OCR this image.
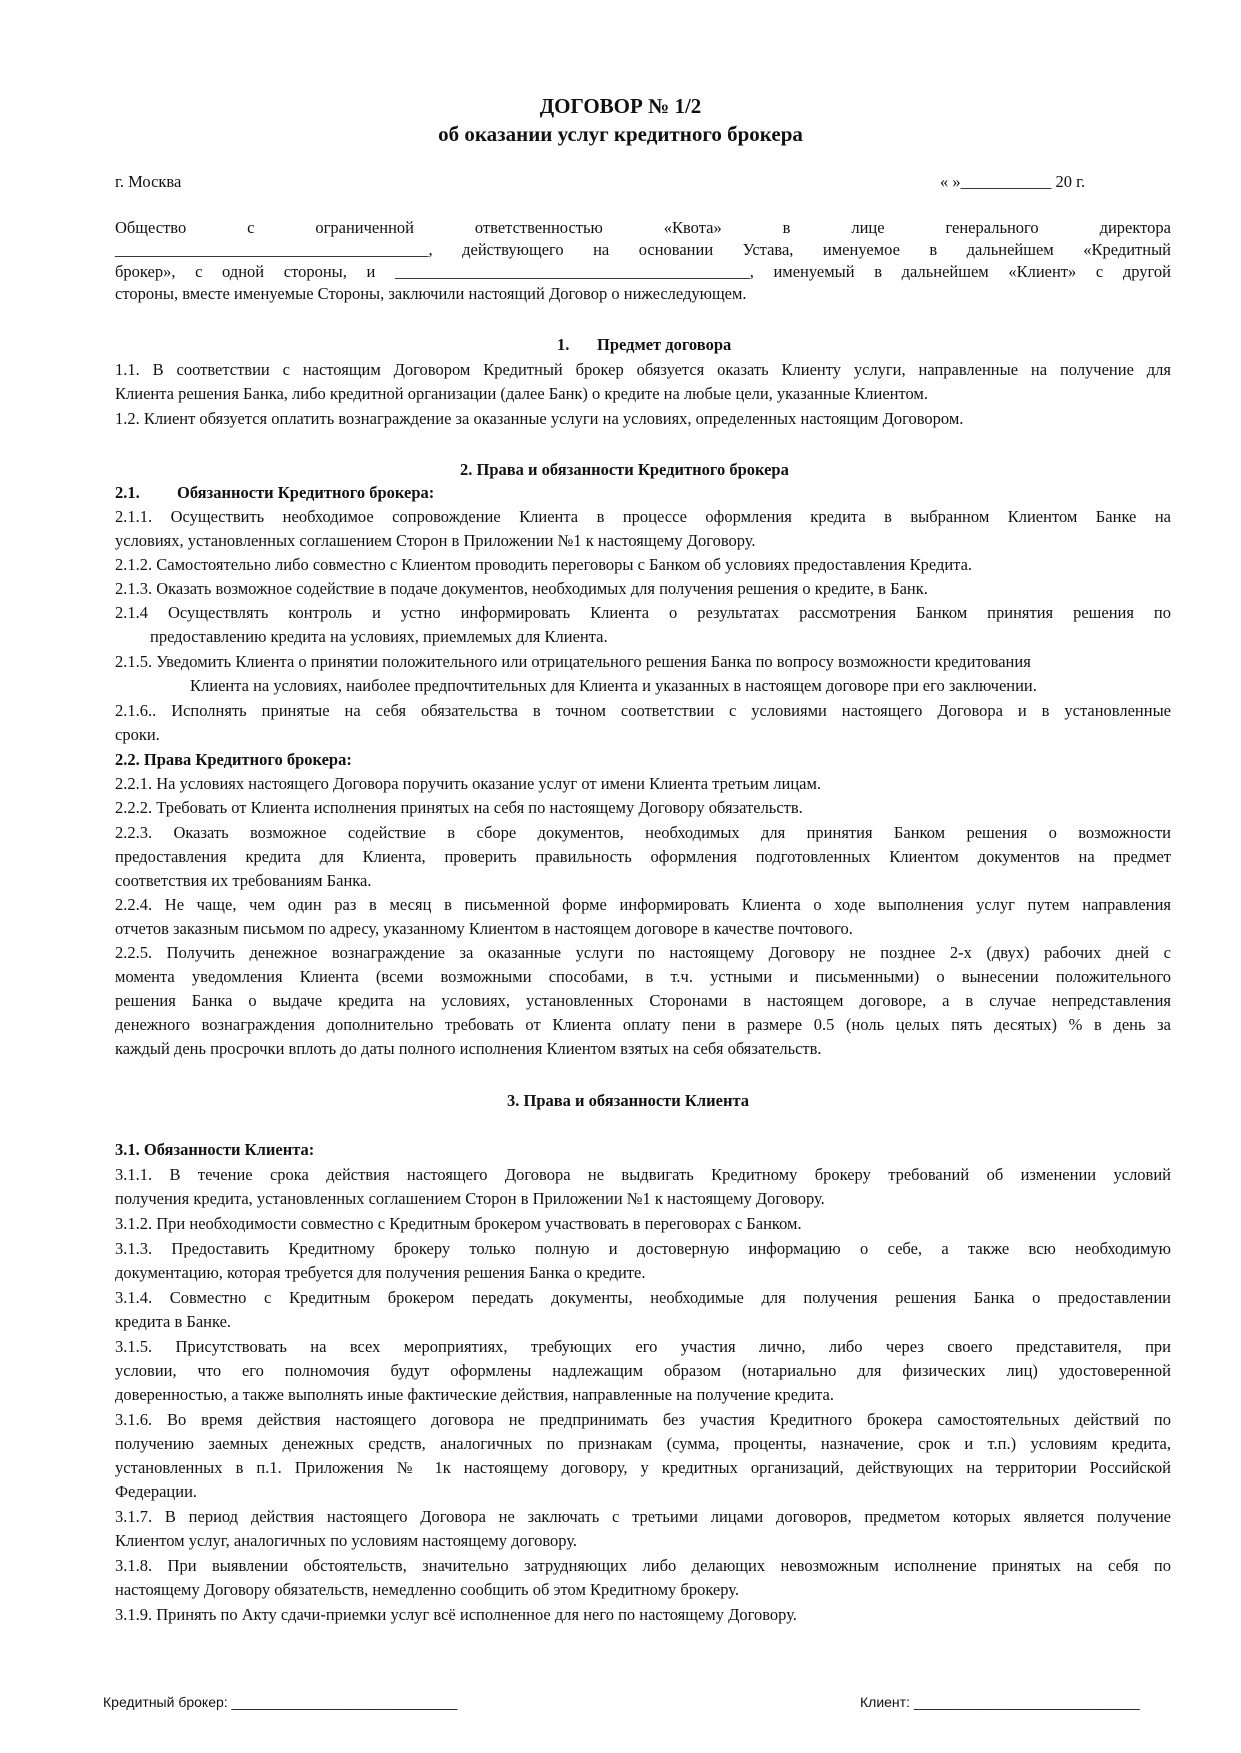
ДОГОВОР № 1/2
об оказании услуг кредитного брокера
г. Москва	« »___________ 20 г.
Общество с ограниченной ответственностью «Квота» в лице генерального директора
______________________________________, действующего на основании Устава, именуемое в дальнейшем «Кредитный
брокер», с одной стороны, и ___________________________________________, именуемый в дальнейшем «Клиент» с другой
стороны, вместе именуемые Стороны, заключили настоящий Договор о нижеследующем.
1. Предмет договора
1.1. В соответствии с настоящим Договором Кредитный брокер обязуется оказать Клиенту услуги, направленные на получение для
Клиента решения Банка, либо кредитной организации (далее Банк) о кредите на любые цели, указанные Клиентом.
1.2. Клиент обязуется оплатить вознаграждение за оказанные услуги на условиях, определенных настоящим Договором.
2. Права и обязанности Кредитного брокера
2.1. Обязанности Кредитного брокера:
2.1.1. Осуществить необходимое сопровождение Клиента в процессе оформления кредита в выбранном Клиентом Банке на
условиях, установленных соглашением Сторон в Приложении №1 к настоящему Договору.
2.1.2. Самостоятельно либо совместно с Клиентом проводить переговоры с Банком об условиях предоставления Кредита.
2.1.3. Оказать возможное содействие в подаче документов, необходимых для получения решения о кредите, в Банк.
2.1.4 Осуществлять контроль и устно информировать Клиента о результатах рассмотрения Банком принятия решения по
предоставлению кредита на условиях, приемлемых для Клиента.
2.1.5. Уведомить Клиента о принятии положительного или отрицательного решения Банка по вопросу возможности кредитования
Клиента на условиях, наиболее предпочтительных для Клиента и указанных в настоящем договоре при его заключении.
2.1.6.. Исполнять принятые на себя обязательства в точном соответствии с условиями настоящего Договора и в установленные
сроки.
2.2. Права Кредитного брокера:
2.2.1. На условиях настоящего Договора поручить оказание услуг от имени Клиента третьим лицам.
2.2.2. Требовать от Клиента исполнения принятых на себя по настоящему Договору обязательств.
2.2.3. Оказать возможное содействие в сборе документов, необходимых для принятия Банком решения о возможности
предоставления кредита для Клиента, проверить правильность оформления подготовленных Клиентом документов на предмет
соответствия их требованиям Банка.
2.2.4. Не чаще, чем один раз в месяц в письменной форме информировать Клиента о ходе выполнения услуг путем направления
отчетов заказным письмом по адресу, указанному Клиентом в настоящем договоре в качестве почтового.
2.2.5. Получить денежное вознаграждение за оказанные услуги по настоящему Договору не позднее 2-х (двух) рабочих дней с
момента уведомления Клиента (всеми возможными способами, в т.ч. устными и письменными) о вынесении положительного
решения Банка о выдаче кредита на условиях, установленных Сторонами в настоящем договоре, а в случае непредставления
денежного вознаграждения дополнительно требовать от Клиента оплату пени в размере 0.5 (ноль целых пять десятых) % в день за
каждый день просрочки вплоть до даты полного исполнения Клиентом взятых на себя обязательств.
3. Права и обязанности Клиента
3.1. Обязанности Клиента:
3.1.1. В течение срока действия настоящего Договора не выдвигать Кредитному брокеру требований об изменении условий
получения кредита, установленных соглашением Сторон в Приложении №1 к настоящему Договору.
3.1.2. При необходимости совместно с Кредитным брокером участвовать в переговорах с Банком.
3.1.3. Предоставить Кредитному брокеру только полную и достоверную информацию о себе, а также всю необходимую
документацию, которая требуется для получения решения Банка о кредите.
3.1.4. Совместно с Кредитным брокером передать документы, необходимые для получения решения Банка о предоставлении
кредита в Банке.
3.1.5. Присутствовать на всех мероприятиях, требующих его участия лично, либо через своего представителя, при
условии, что его полномочия будут оформлены надлежащим образом (нотариально для физических лиц) удостоверенной
доверенностью, а также выполнять иные фактические действия, направленные на получение кредита.
3.1.6. Во время действия настоящего договора не предпринимать без участия Кредитного брокера самостоятельных действий по
получению заемных денежных средств, аналогичных по признакам (сумма, проценты, назначение, срок и т.п.) условиям кредита,
установленных в п.1. Приложения № 1к настоящему договору, у кредитных организаций, действующих на территории Российской
Федерации.
3.1.7. В период действия настоящего Договора не заключать с третьими лицами договоров, предметом которых является получение
Клиентом услуг, аналогичных по условиям настоящему договору.
3.1.8. При выявлении обстоятельств, значительно затрудняющих либо делающих невозможным исполнение принятых на себя по
настоящему Договору обязательств, немедленно сообщить об этом Кредитному брокеру.
3.1.9. Принять по Акту сдачи-приемки услуг всё исполненное для него по настоящему Договору.
Кредитный брокер: _____________________________	Клиент: _____________________________
